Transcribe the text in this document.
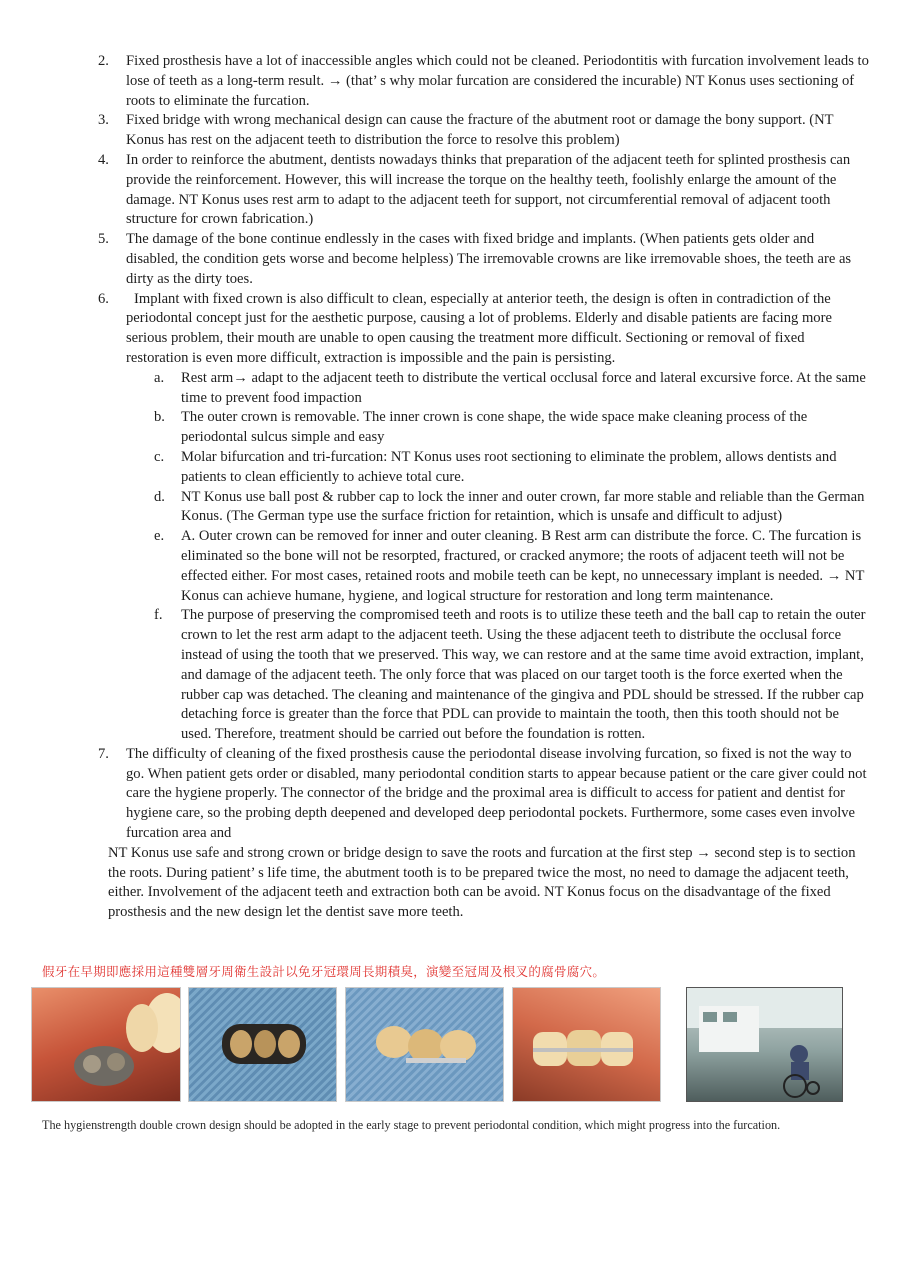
2. Fixed prosthesis have a lot of inaccessible angles which could not be cleaned. Periodontitis with furcation involvement leads to lose of teeth as a long-term result. → (that’ s why molar furcation are considered the incurable) NT Konus uses sectioning of roots to eliminate the furcation.
3. Fixed bridge with wrong mechanical design can cause the fracture of the abutment root or damage the bony support. (NT Konus has rest on the adjacent teeth to distribution the force to resolve this problem)
4. In order to reinforce the abutment, dentists nowadays thinks that preparation of the adjacent teeth for splinted prosthesis can provide the reinforcement. However, this will increase the torque on the healthy teeth, foolishly enlarge the amount of the damage. NT Konus uses rest arm to adapt to the adjacent teeth for support, not circumferential removal of adjacent tooth structure for crown fabrication.)
5. The damage of the bone continue endlessly in the cases with fixed bridge and implants. (When patients gets older and disabled, the condition gets worse and become helpless) The irremovable crowns are like irremovable shoes, the teeth are as dirty as the dirty toes.
6. Implant with fixed crown is also difficult to clean, especially at anterior teeth, the design is often in contradiction of the periodontal concept just for the aesthetic purpose, causing a lot of problems. Elderly and disable patients are facing more serious problem, their mouth are unable to open causing the treatment more difficult. Sectioning or removal of fixed restoration is even more difficult, extraction is impossible and the pain is persisting.
a. Rest arm→ adapt to the adjacent teeth to distribute the vertical occlusal force and lateral excursive force. At the same time to prevent food impaction
b. The outer crown is removable. The inner crown is cone shape, the wide space make cleaning process of the periodontal sulcus simple and easy
c. Molar bifurcation and tri-furcation: NT Konus uses root sectioning to eliminate the problem, allows dentists and patients to clean efficiently to achieve total cure.
d. NT Konus use ball post & rubber cap to lock the inner and outer crown, far more stable and reliable than the German Konus. (The German type use the surface friction for retaintion, which is unsafe and difficult to adjust)
e. A. Outer crown can be removed for inner and outer cleaning. B Rest arm can distribute the force. C. The furcation is eliminated so the bone will not be resorpted, fractured, or cracked anymore; the roots of adjacent teeth will not be effected either. For most cases, retained roots and mobile teeth can be kept, no unnecessary implant is needed. → NT Konus can achieve humane, hygiene, and logical structure for restoration and long term maintenance.
f. The purpose of preserving the compromised teeth and roots is to utilize these teeth and the ball cap to retain the outer crown to let the rest arm adapt to the adjacent teeth. Using the these adjacent teeth to distribute the occlusal force instead of using the tooth that we preserved. This way, we can restore and at the same time avoid extraction, implant, and damage of the adjacent teeth. The only force that was placed on our target tooth is the force exerted when the rubber cap was detached. The cleaning and maintenance of the gingiva and PDL should be stressed. If the rubber cap detaching force is greater than the force that PDL can provide to maintain the tooth, then this tooth should not be used. Therefore, treatment should be carried out before the foundation is rotten.
7. The difficulty of cleaning of the fixed prosthesis cause the periodontal disease involving furcation, so fixed is not the way to go. When patient gets order or disabled, many periodontal condition starts to appear because patient or the care giver could not care the hygiene properly. The connector of the bridge and the proximal area is difficult to access for patient and dentist for hygiene care, so the probing depth deepened and developed deep periodontal pockets. Furthermore, some cases even involve furcation area and
NT Konus use safe and strong crown or bridge design to save the roots and furcation at the first step → second step is to section the roots. During patient’ s life time, the abutment tooth is to be prepared twice the most, no need to damage the adjacent teeth, either. Involvement of the adjacent teeth and extraction both can be avoid. NT Konus focus on the disadvantage of the fixed prosthesis and the new design let the dentist save more teeth.
假牙在早期即應採用這種雙層牙周衛生設計以免牙冠環周長期積臭，演變至冠周及根叉的腐骨腐穴。
The hygienstrength double crown design should be adopted in the early stage to prevent periodontal condition, which might progress into the furcation.
